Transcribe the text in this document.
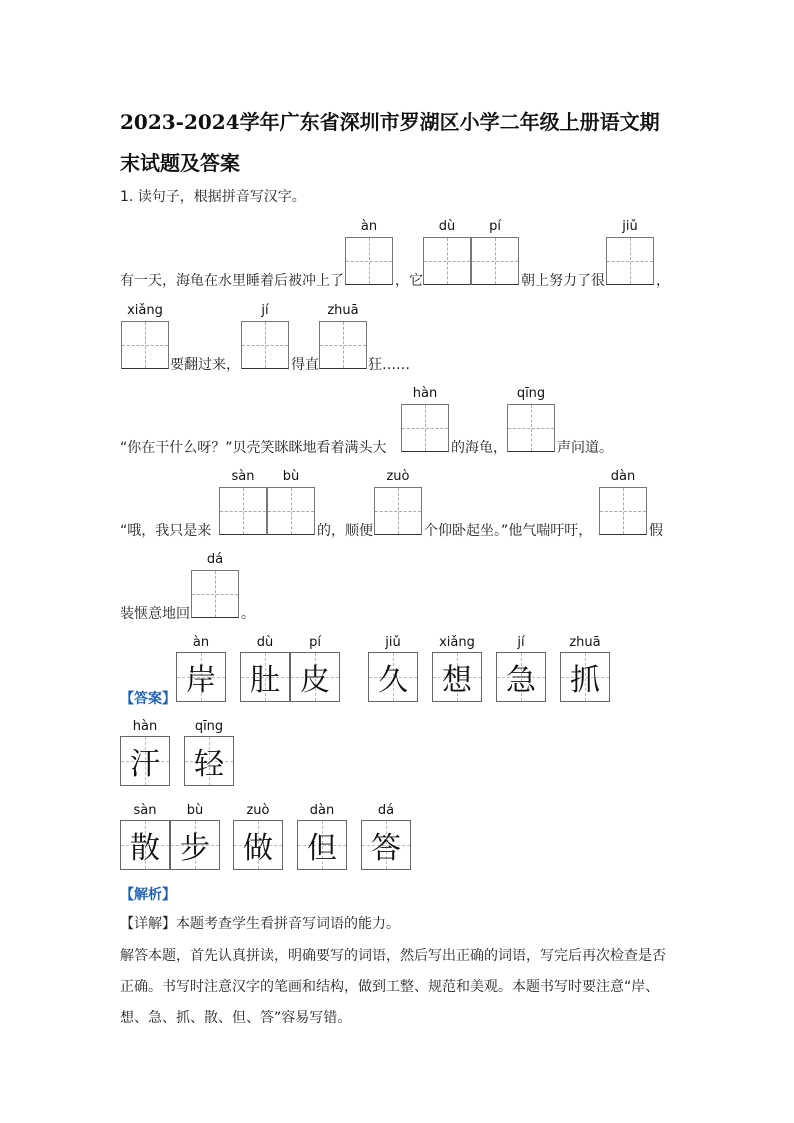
2023-2024学年广东省深圳市罗湖区小学二年级上册语文期
末试题及答案
1. 读句子，根据拼音写汉字。
àn	dù	pí	jiǔ
有一天，海龟在水里睡着后被冲上了	，它	朝上努力了很	，
xiǎng	jí	zhuā
要翻过来，	得直	狂……
hàn	qīng
“你在干什么呀？”贝壳笑眯眯地看着满头大	的海龟，	声问道。
sàn	bù	zuò	dàn
“哦，我只是来	的，顺便	个仰卧起坐。”他气喘吁吁，	假
dá
装惬意地回	。
【答案】
àn
岸
dù
肚
pí
皮
jiǔ
久
xiǎng
想
jí
急
zhuā
抓
hàn
汗
qīng
轻
sàn
散
bù
步
zuò
做
dàn
但
dá
答
【解析】
【详解】本题考查学生看拼音写词语的能力。
解答本题，首先认真拼读，明确要写的词语，然后写出正确的词语，写完后再次检查是否
正确。书写时注意汉字的笔画和结构，做到工整、规范和美观。本题书写时要注意“岸、
想、急、抓、散、但、答”容易写错。
